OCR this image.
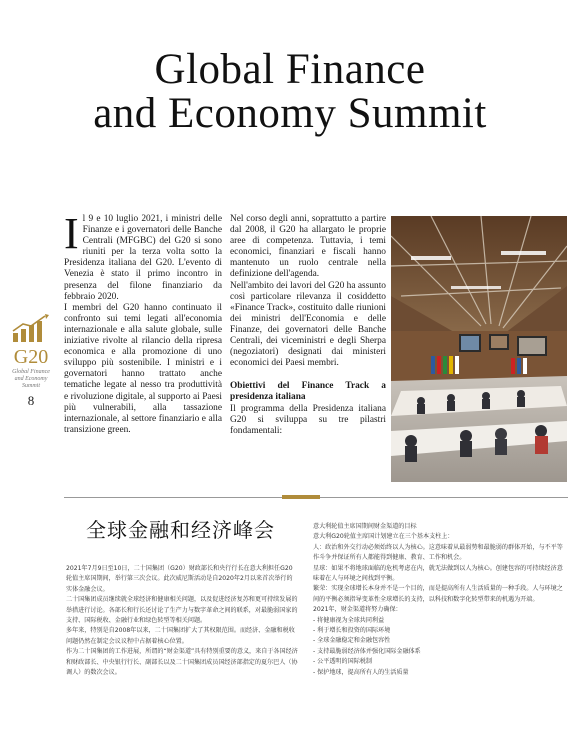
Global Finance
and Economy Summit
G20
Global Finance and Economy Summit
8
I l 9 e 10 luglio 2021, i ministri delle Finanze e i governatori delle Banche Centrali (MFGBC) del G20 si sono riuniti per la terza volta sotto la Presidenza italiana del G20. L'evento di Venezia è stato il primo incontro in presenza del filone finanziario da febbraio 2020.

I membri del G20 hanno continuato il confronto sui temi legati all'economia internazionale e alla salute globale, sulle iniziative rivolte al rilancio della ripresa economica e alla promozione di uno sviluppo più sostenibile. I ministri e i governatori hanno trattato anche tematiche legate al nesso tra produttività e rivoluzione digitale, al supporto ai Paesi più vulnerabili, alla tassazione internazionale, al settore finanziario e alla transizione green.

Nel corso degli anni, soprattutto a partire dal 2008, il G20 ha allargato le proprie aree di competenza. Tuttavia, i temi economici, finanziari e fiscali hanno mantenuto un ruolo centrale nella definizione dell'agenda.

Nell'ambito dei lavori del G20 ha assunto così particolare rilevanza il cosiddetto «Finance Track», costituito dalle riunioni dei ministri dell'Economia e delle Finanze, dei governatori delle Banche Centrali, dei viceministri e degli Sherpa (negoziatori) designati dai ministeri economici dei Paesi membri.

Obiettivi del Finance Track a presidenza italiana

Il programma della Presidenza italiana G20 si sviluppa su tre pilastri fondamentali:

全球金融和经济峰会

2021年7月9日至10日，二十国集团（G20）财政部长和央行行长在意大利担任G20轮值主席国期间，举行第三次会议。此次威尼斯活动是自2020年2月以来首次举行的实体金融会议。

二十国集团成员继续就全球经济和健康相关问题，以及促进经济复苏和更可持续发展的举措进行讨论。各部长和行长还讨论了生产力与数字革命之间的联系，对最脆弱国家的支持、国际税收、金融行业和绿色转型等相关问题。

多年来，特别是自2008年以来，二十国集团扩大了其权限范围。而经济、金融和税收问题仍然在制定会议议程中占据着核心位置。

作为二十国集团的工作进展，所谓的“财金渠道”具有特别重要的意义，来自于各国经济和财政部长、中央银行行长、副部长以及二十国集团成员国经济部指定的夏尔巴人（协调人）的数次会议。

意大利轮值主席国期间财金渠道的目标

意大利G20轮值主席国计划建立在三个基本支柱上：

人：政治和外交行动必须始终以人为核心。这意味着从最弱势和最脆弱的群体开始，与不平等作斗争并保证所有人都能得到健康、教育、工作和机会。

星球：如果不将地球面临的危机考虑在内，就无法做到以人为核心。创建包容的可持续经济意味着在人与环境之间找到平衡。

繁荣：实现全球增长本身并不是一个目的，而是提高所有人生活质量的一种手段。人与环境之间的平衡必须指导变革性全球增长的支持，以科技和数字化转型带来的机遇为开端。

2021年，财金渠道将努力确保：

- 将健康视为全球共同利益

- 利于增长和投资的国际环境

- 全球金融稳定和金融包容性

- 支持最脆弱经济体并强化国际金融体系

- 公平透明的国际税制

- 保护地球，提高所有人的生活质量
